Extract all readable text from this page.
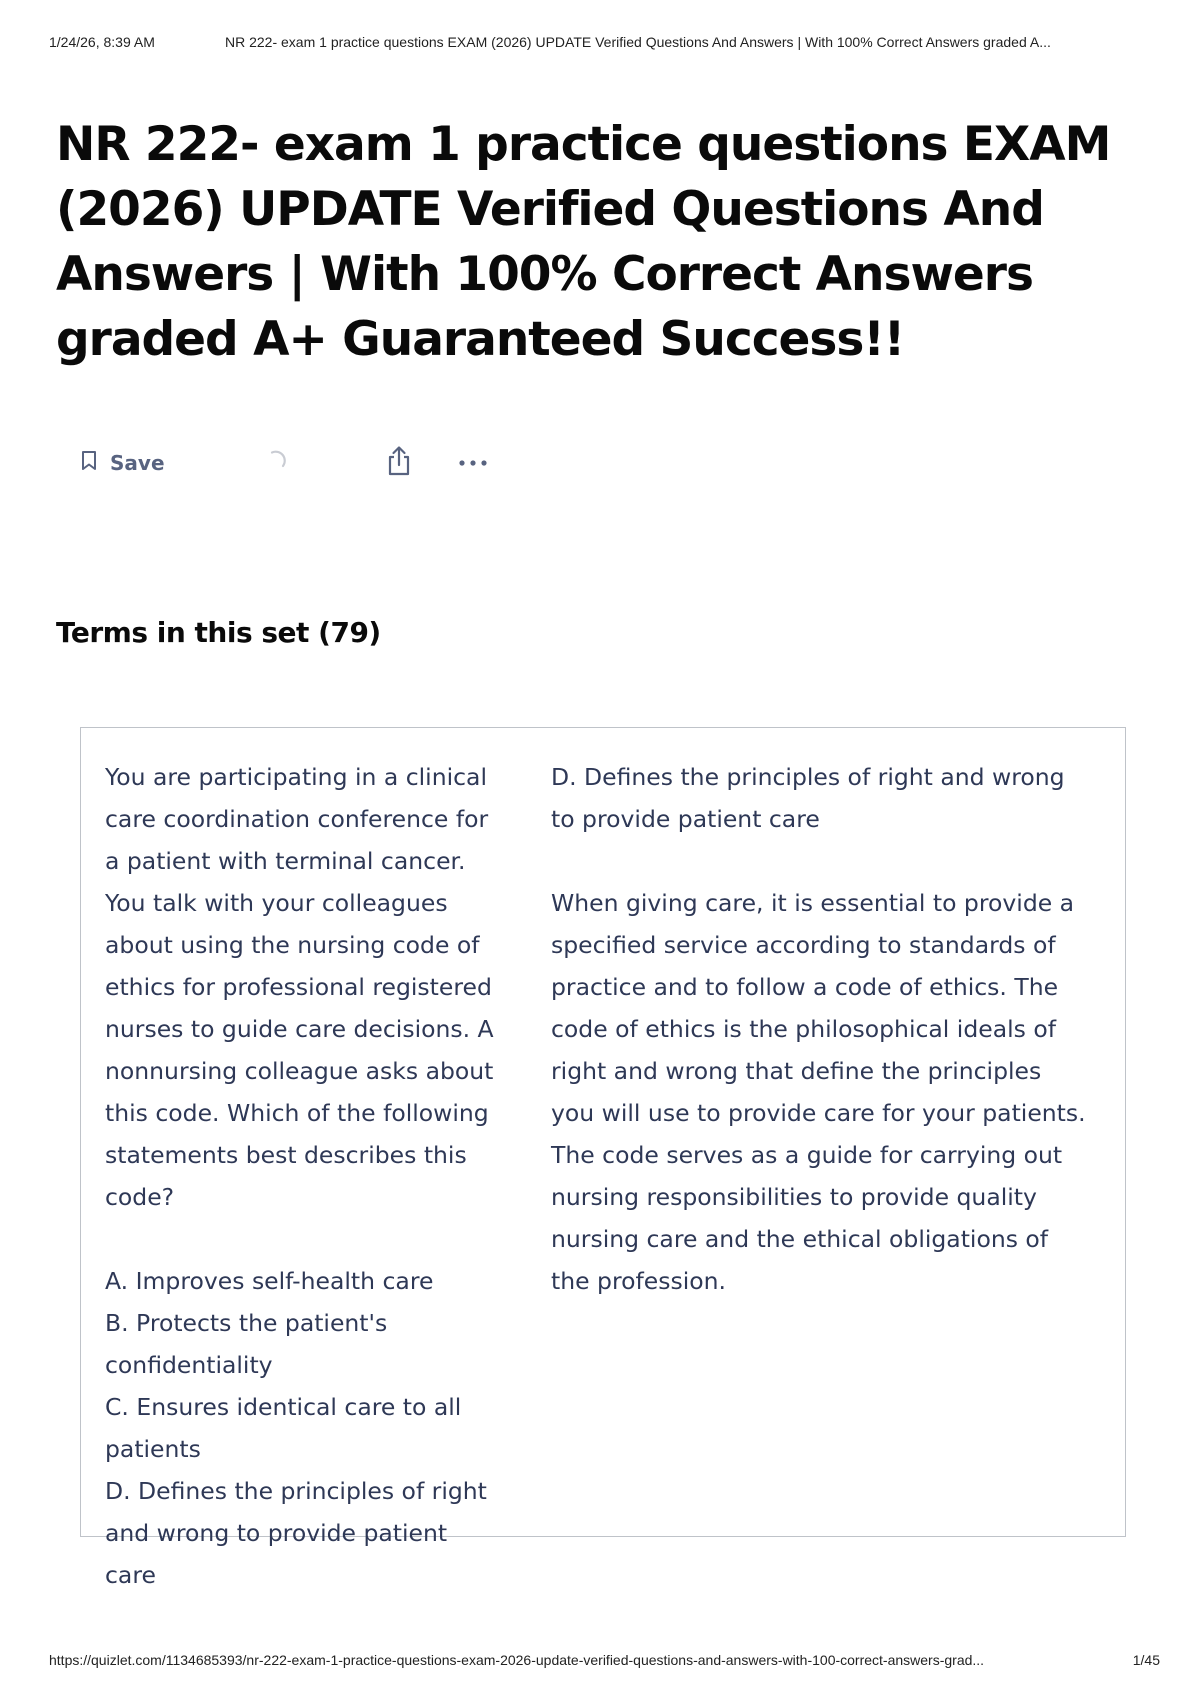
1/24/26, 8:39 AM	NR 222- exam 1 practice questions EXAM (2026) UPDATE Verified Questions And Answers | With 100% Correct Answers graded A...
NR 222- exam 1 practice questions EXAM (2026) UPDATE Verified Questions And Answers | With 100% Correct Answers graded A+ Guaranteed Success!!
Save
Terms in this set (79)
You are participating in a clinical care coordination conference for a patient with terminal cancer. You talk with your colleagues about using the nursing code of ethics for professional registered nurses to guide care decisions. A nonnursing colleague asks about this code. Which of the following statements best describes this code?

A. Improves self-health care
B. Protects the patient's confidentiality
C. Ensures identical care to all patients
D. Defines the principles of right and wrong to provide patient care
D. Defines the principles of right and wrong to provide patient care

When giving care, it is essential to provide a specified service according to standards of practice and to follow a code of ethics. The code of ethics is the philosophical ideals of right and wrong that define the principles you will use to provide care for your patients. The code serves as a guide for carrying out nursing responsibilities to provide quality nursing care and the ethical obligations of the profession.
https://quizlet.com/1134685393/nr-222-exam-1-practice-questions-exam-2026-update-verified-questions-and-answers-with-100-correct-answers-grad...	1/45
